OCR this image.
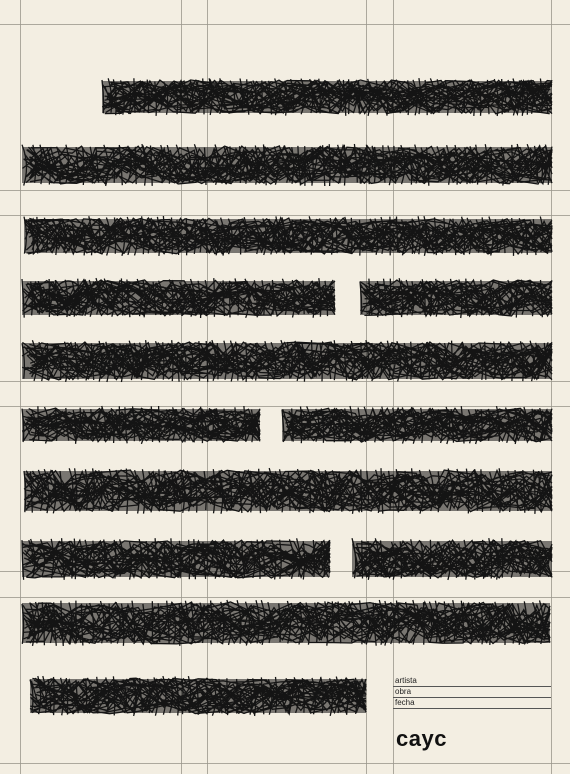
artista
obra
fecha
cayc
